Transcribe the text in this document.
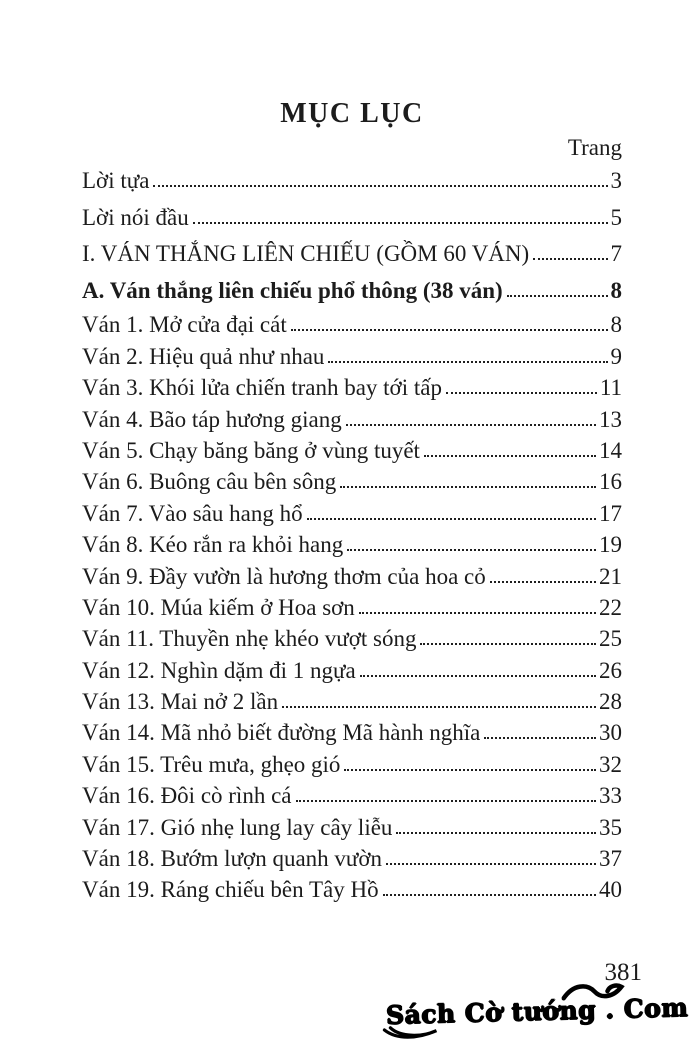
MỤC LỤC
Trang
Lời tựa	3
Lời nói đầu	5
I. VÁN THẮNG LIÊN CHIẾU (GỒM 60 VÁN)	7
A. Ván thắng liên chiếu phổ thông (38 ván)	8
Ván 1. Mở cửa đại cát	8
Ván 2. Hiệu quả như nhau	9
Ván 3. Khói lửa chiến tranh bay tới tấp	11
Ván 4. Bão táp hương giang	13
Ván 5. Chạy băng băng ở vùng tuyết	14
Ván 6. Buông câu bên sông	16
Ván 7. Vào sâu hang hổ	17
Ván 8. Kéo rắn ra khỏi hang	19
Ván 9. Đầy vườn là hương thơm của hoa cỏ	21
Ván 10. Múa kiếm ở Hoa sơn	22
Ván 11. Thuyền nhẹ khéo vượt sóng	25
Ván 12. Nghìn dặm đi 1 ngựa	26
Ván 13. Mai nở 2 lần	28
Ván 14. Mã nhỏ biết đường Mã hành nghĩa	30
Ván 15. Trêu mưa, ghẹo gió	32
Ván 16. Đôi cò rình cá	33
Ván 17. Gió nhẹ lung lay cây liễu	35
Ván 18. Bướm lượn quanh vườn	37
Ván 19. Ráng chiếu bên Tây Hồ	40
381
Sách Cờ tướng . Com
